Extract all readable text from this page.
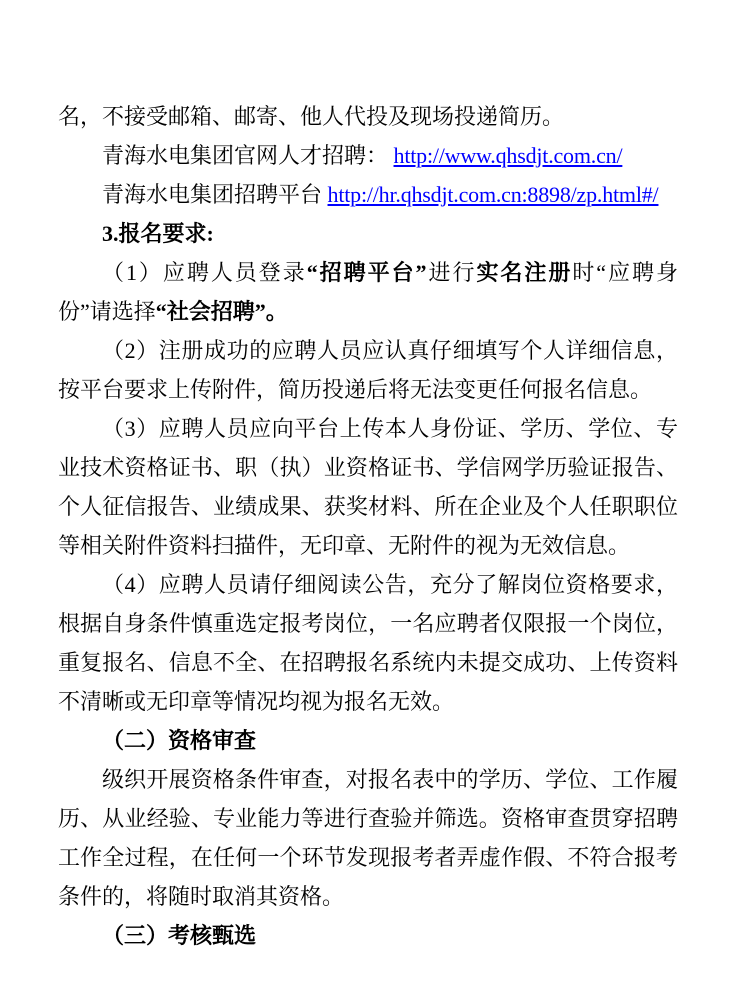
名，不接受邮箱、邮寄、他人代投及现场投递简历。

青海水电集团官网人才招聘： http://www.qhsdjt.com.cn/

青海水电集团招聘平台 http://hr.qhsdjt.com.cn:8898/zp.html#/

3.报名要求:

（1）应聘人员登录“招聘平台”进行实名注册时“应聘身份”请选择“社会招聘”。

（2）注册成功的应聘人员应认真仔细填写个人详细信息，按平台要求上传附件，简历投递后将无法变更任何报名信息。

（3）应聘人员应向平台上传本人身份证、学历、学位、专业技术资格证书、职（执）业资格证书、学信网学历验证报告、个人征信报告、业绩成果、获奖材料、所在企业及个人任职职位等相关附件资料扫描件，无印章、无附件的视为无效信息。

（4）应聘人员请仔细阅读公告，充分了解岗位资格要求，根据自身条件慎重选定报考岗位，一名应聘者仅限报一个岗位，重复报名、信息不全、在招聘报名系统内未提交成功、上传资料不清晰或无印章等情况均视为报名无效。

（二）资格审查

级织开展资格条件审查，对报名表中的学历、学位、工作履历、从业经验、专业能力等进行查验并筛选。资格审查贯穿招聘工作全过程，在任何一个环节发现报考者弄虚作假、不符合报考条件的，将随时取消其资格。

（三）考核甄选
